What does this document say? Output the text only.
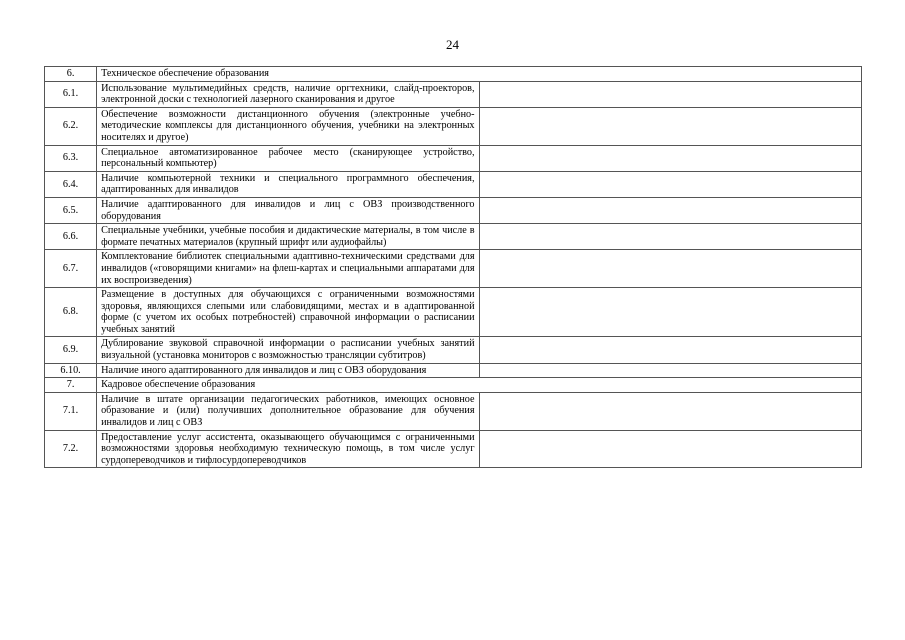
24
6.	Техническое обеспечение образования	
6.1.	Использование мультимедийных средств, наличие оргтехники, слайд-проекторов, электронной доски с технологией лазерного сканирования и другое	
6.2.	Обеспечение возможности дистанционного обучения (электронные учебно-методические комплексы для дистанционного обучения, учебники на электронных носителях и другое)	
6.3.	Специальное автоматизированное рабочее место (сканирующее устройство, персональный компьютер)	
6.4.	Наличие компьютерной техники и специального программного обеспечения, адаптированных для инвалидов	
6.5.	Наличие адаптированного для инвалидов и лиц с ОВЗ производственного оборудования	
6.6.	Специальные учебники, учебные пособия и дидактические материалы, в том числе в формате печатных материалов (крупный шрифт или аудиофайлы)	
6.7.	Комплектование библиотек специальными адаптивно-техническими средствами для инвалидов («говорящими книгами» на флеш-картах и специальными аппаратами для их воспроизведения)	
6.8.	Размещение в доступных для обучающихся с ограниченными возможностями здоровья, являющихся слепыми или слабовидящими, местах и в адаптированной форме (с учетом их особых потребностей) справочной информации о расписании учебных занятий	
6.9.	Дублирование звуковой справочной информации о расписании учебных занятий визуальной (установка мониторов с возможностью трансляции субтитров)	
6.10.	Наличие иного адаптированного для инвалидов и лиц с ОВЗ оборудования	
7.	Кадровое обеспечение образования	
7.1.	Наличие в штате организации педагогических работников, имеющих основное образование и (или) получивших дополнительное образование для обучения инвалидов и лиц с ОВЗ	
7.2.	Предоставление услуг ассистента, оказывающего обучающимся с ограниченными возможностями здоровья необходимую техническую помощь, в том числе услуг сурдопереводчиков и тифлосурдопереводчиков	
